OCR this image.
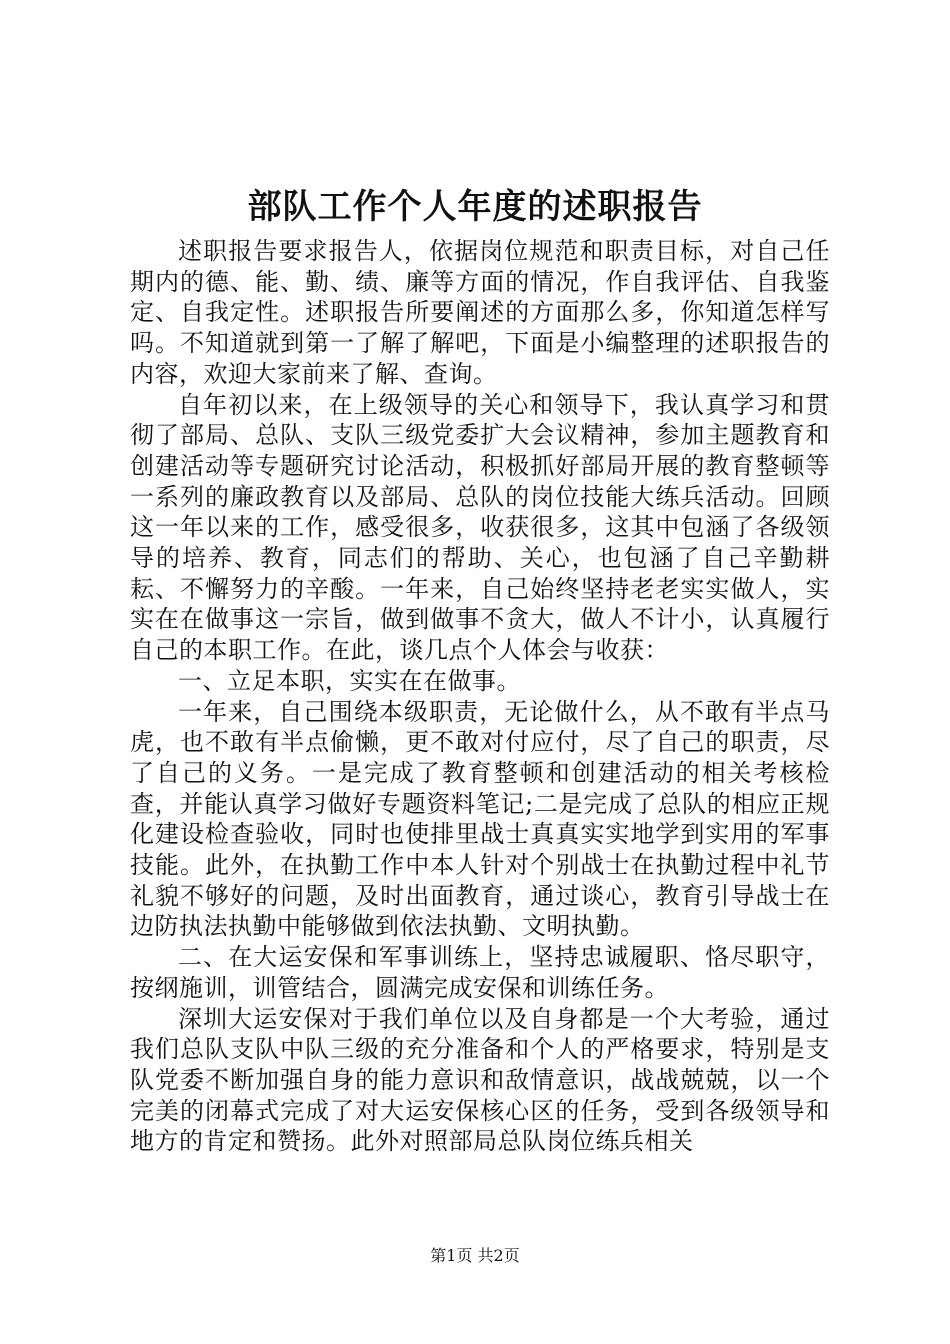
部队工作个人年度的述职报告

述职报告要求报告人，依据岗位规范和职责目标，对自己任期内的德、能、勤、绩、廉等方面的情况，作自我评估、自我鉴定、自我定性。述职报告所要阐述的方面那么多，你知道怎样写吗。不知道就到第一了解了解吧，下面是小编整理的述职报告的内容，欢迎大家前来了解、查询。

自年初以来，在上级领导的关心和领导下，我认真学习和贯彻了部局、总队、支队三级党委扩大会议精神，参加主题教育和创建活动等专题研究讨论活动，积极抓好部局开展的教育整顿等一系列的廉政教育以及部局、总队的岗位技能大练兵活动。回顾这一年以来的工作，感受很多，收获很多，这其中包涵了各级领导的培养、教育，同志们的帮助、关心，也包涵了自己辛勤耕耘、不懈努力的辛酸。一年来，自己始终坚持老老实实做人，实实在在做事这一宗旨，做到做事不贪大，做人不计小，认真履行自己的本职工作。在此，谈几点个人体会与收获：

一、立足本职，实实在在做事。

一年来，自己围绕本级职责，无论做什么，从不敢有半点马虎，也不敢有半点偷懒，更不敢对付应付，尽了自己的职责，尽了自己的义务。一是完成了教育整顿和创建活动的相关考核检查，并能认真学习做好专题资料笔记;二是完成了总队的相应正规化建设检查验收，同时也使排里战士真真实实地学到实用的军事技能。此外，在执勤工作中本人针对个别战士在执勤过程中礼节礼貌不够好的问题，及时出面教育，通过谈心，教育引导战士在边防执法执勤中能够做到依法执勤、文明执勤。

二、在大运安保和军事训练上，坚持忠诚履职、恪尽职守，按纲施训，训管结合，圆满完成安保和训练任务。

深圳大运安保对于我们单位以及自身都是一个大考验，通过我们总队支队中队三级的充分准备和个人的严格要求，特别是支队党委不断加强自身的能力意识和敌情意识，战战兢兢，以一个完美的闭幕式完成了对大运安保核心区的任务，受到各级领导和地方的肯定和赞扬。此外对照部局总队岗位练兵相关

第1页 共2页
